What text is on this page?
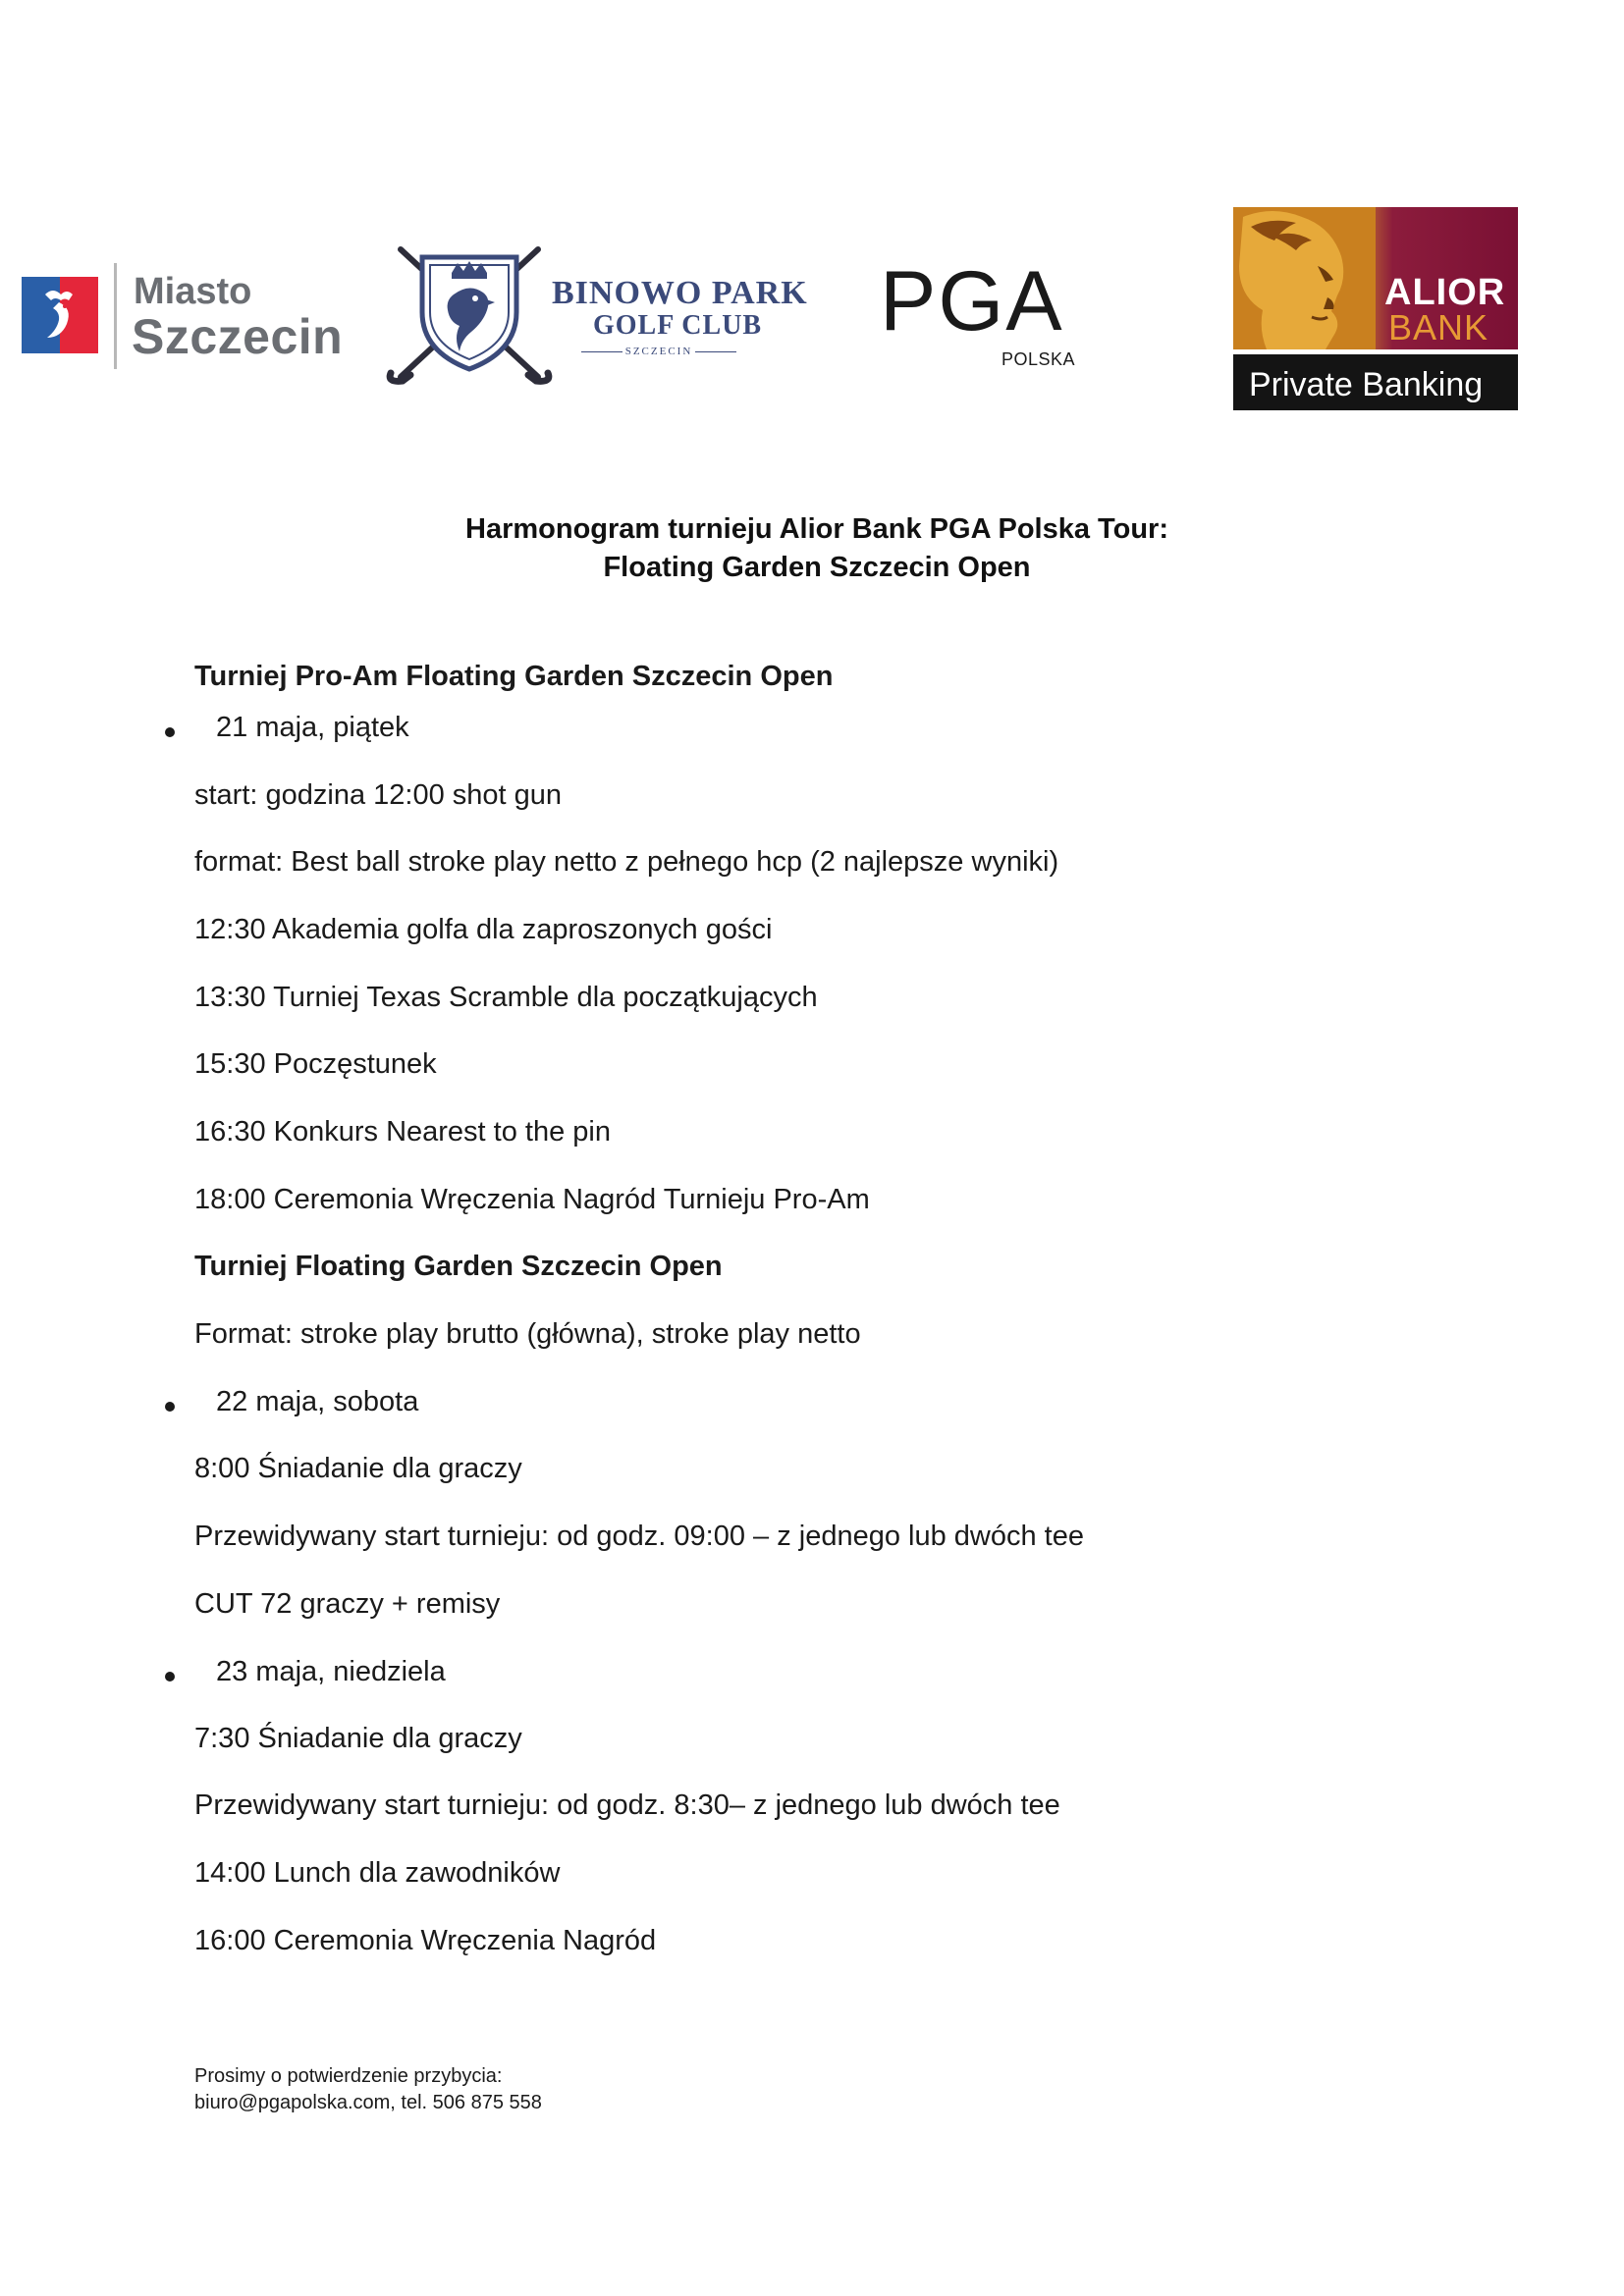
Miasto
Szczecin
BINOWO PARK
GOLF CLUB
SZCZECIN
PGA
POLSKA
ALIOR
BANK
Private Banking
Harmonogram turnieju Alior Bank PGA Polska Tour:
Floating Garden Szczecin Open
Turniej Pro-Am Floating Garden Szczecin Open
21 maja, piątek
start: godzina 12:00 shot gun
format: Best ball stroke play netto z pełnego hcp (2 najlepsze wyniki)
12:30 Akademia golfa dla zaproszonych gości
13:30 Turniej Texas Scramble dla początkujących
15:30 Poczęstunek
16:30 Konkurs Nearest to the pin
18:00 Ceremonia Wręczenia Nagród Turnieju Pro-Am
Turniej Floating Garden Szczecin Open
Format: stroke play brutto (główna), stroke play netto
22 maja, sobota
8:00 Śniadanie dla graczy
Przewidywany start turnieju: od godz. 09:00 – z jednego lub dwóch tee
CUT 72 graczy + remisy
23 maja, niedziela
7:30 Śniadanie dla graczy
Przewidywany start turnieju: od godz. 8:30– z jednego lub dwóch tee
14:00 Lunch dla zawodników
16:00 Ceremonia Wręczenia Nagród
Prosimy o potwierdzenie przybycia:
biuro@pgapolska.com, tel. 506 875 558
